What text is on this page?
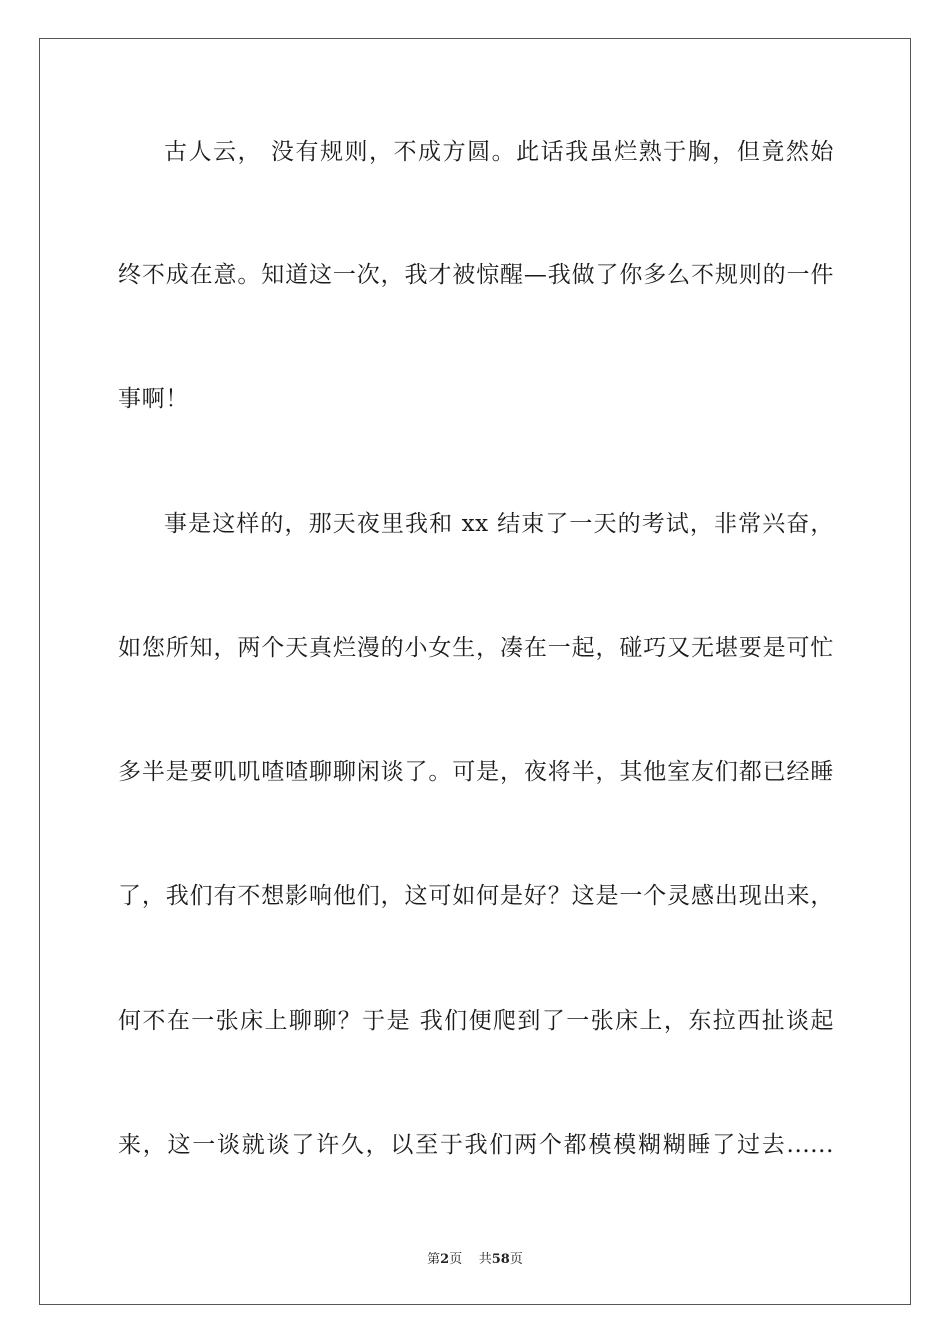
古人云， 没有规则，不成方圆。此话我虽烂熟于胸，但竟然始
终不成在意。知道这一次，我才被惊醒—我做了你多么不规则的一件
事啊！
事是这样的，那天夜里我和 xx 结束了一天的考试，非常兴奋，
如您所知，两个天真烂漫的小女生，凑在一起，碰巧又无堪要是可忙
多半是要叽叽喳喳聊聊闲谈了。可是，夜将半，其他室友们都已经睡
了，我们有不想影响他们，这可如何是好？这是一个灵感出现出来，
何不在一张床上聊聊？于是 我们便爬到了一张床上，东拉西扯谈起
来，这一谈就谈了许久，以至于我们两个都模模糊糊睡了过去......
第2页 共58页
